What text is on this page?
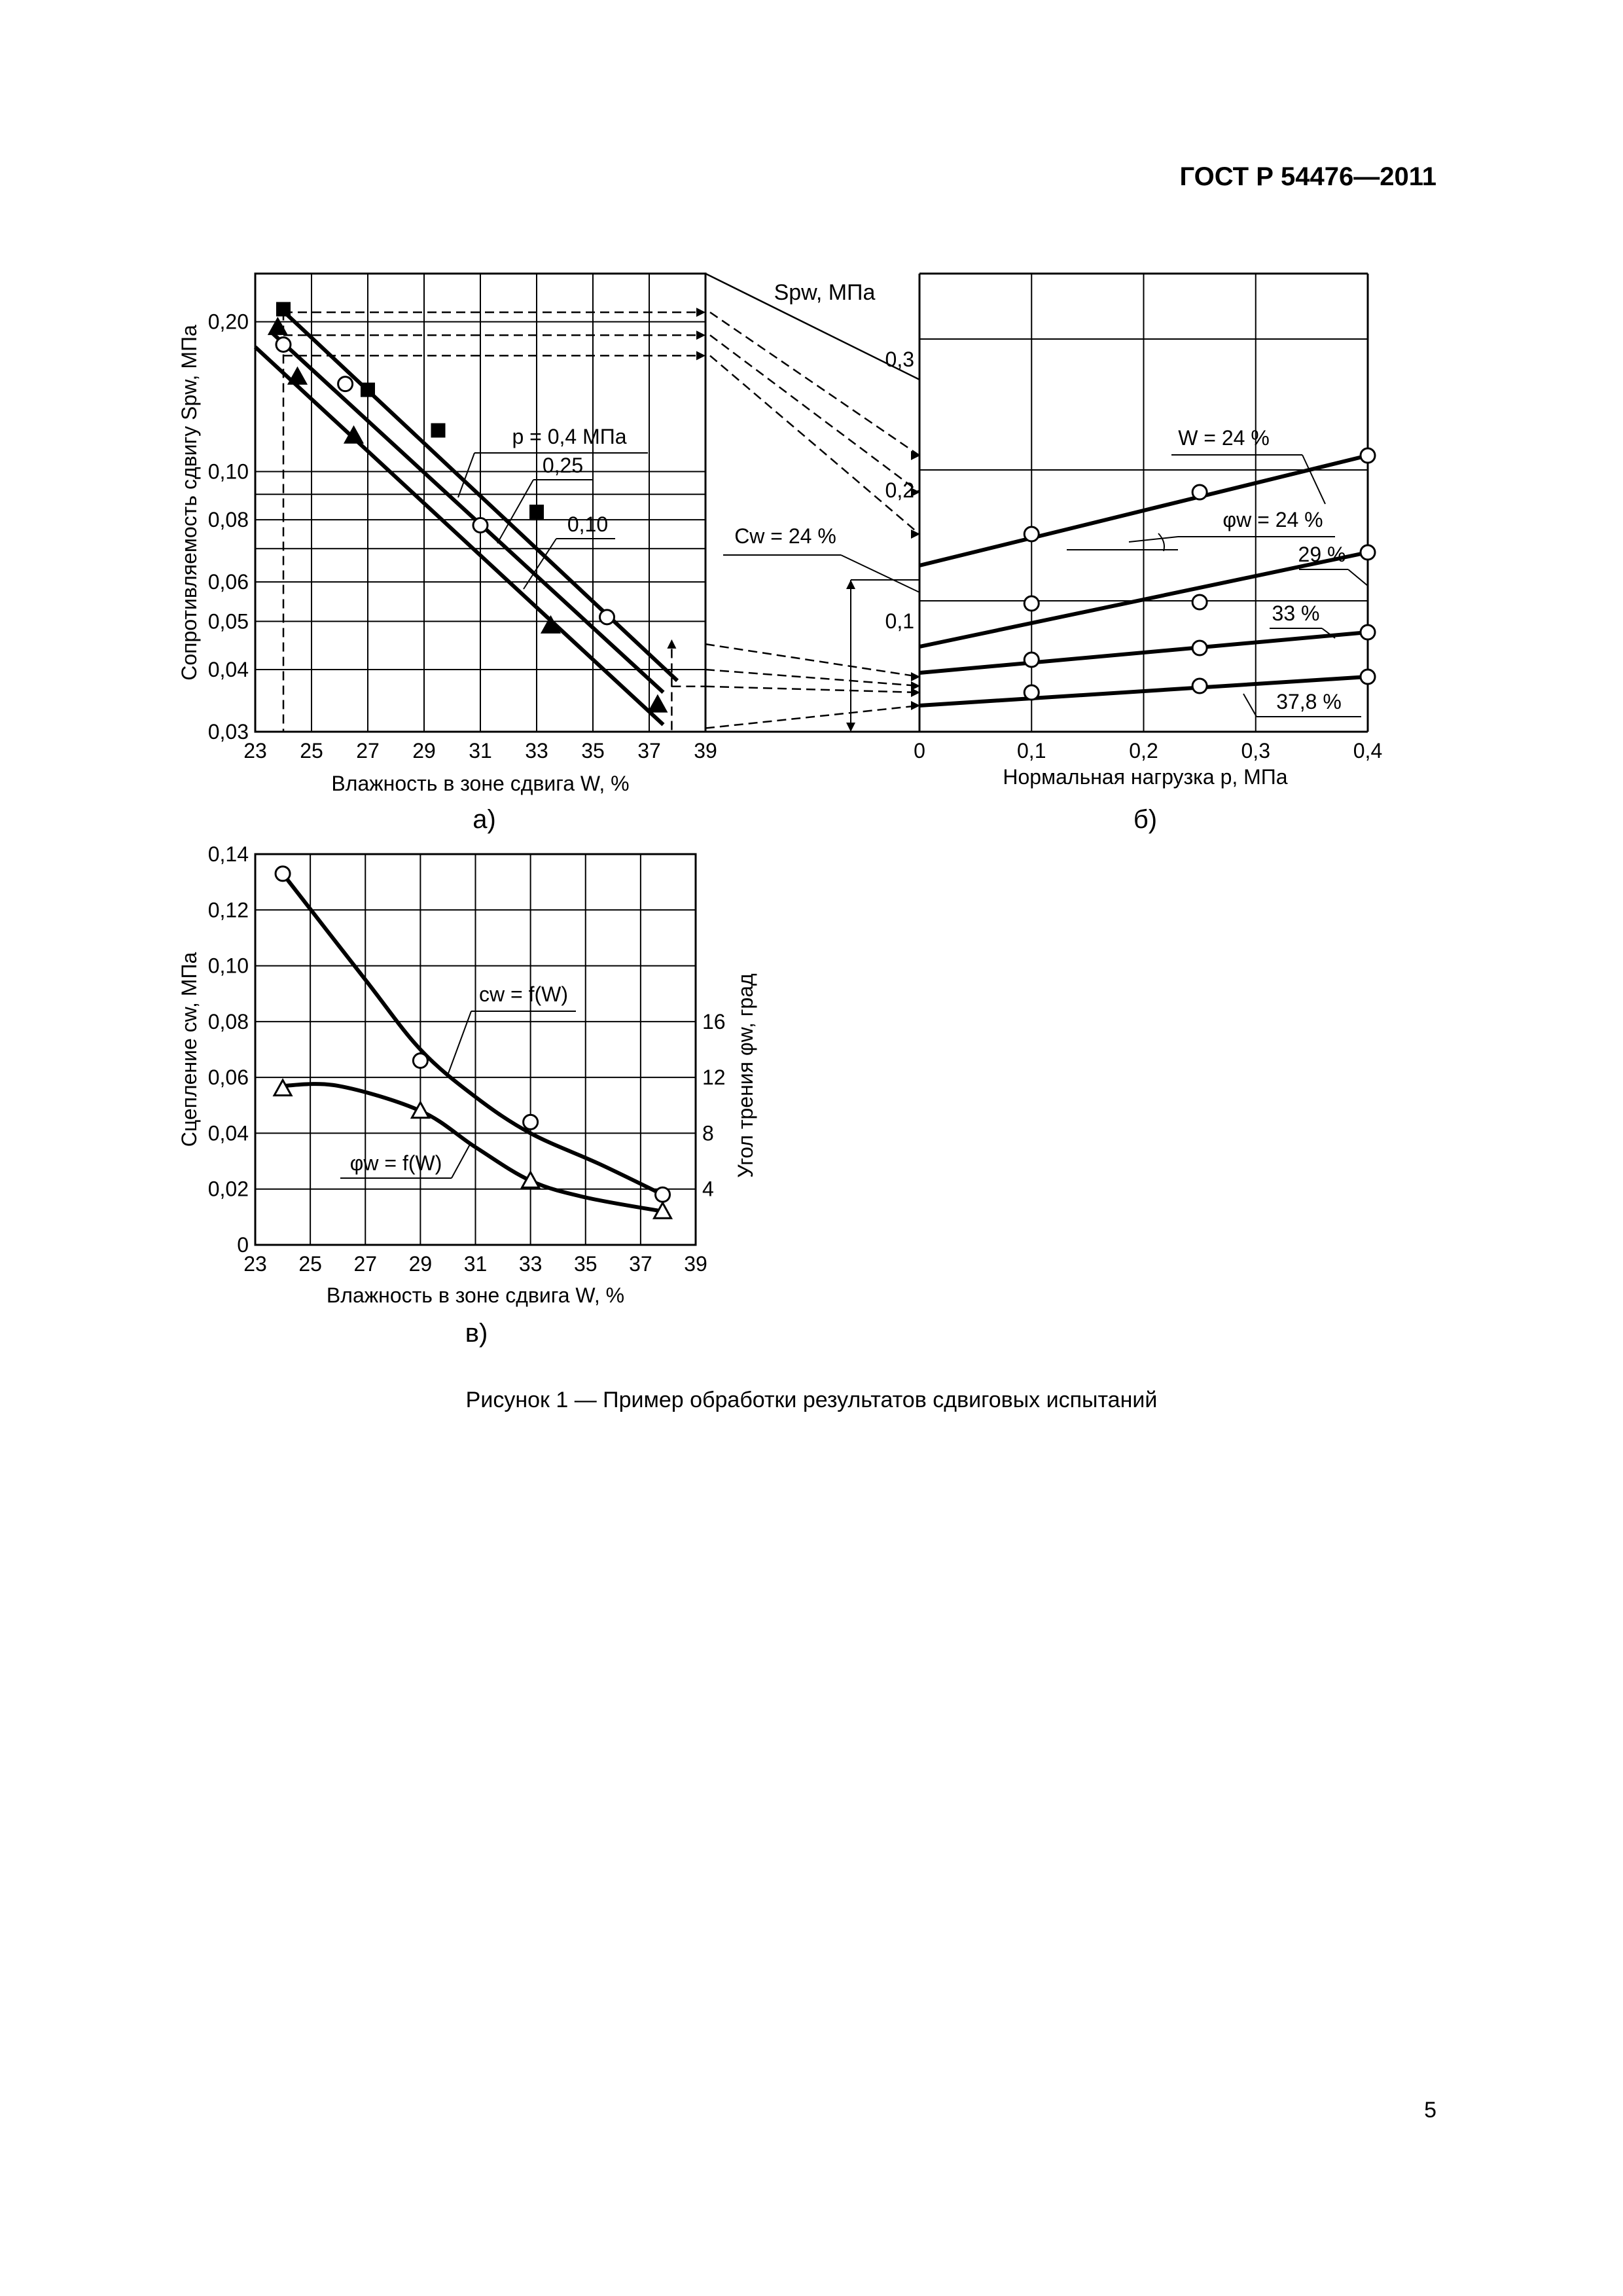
ГОСТ Р 54476—2011
23 25 27 29 31 33 35 37 39
0,03
0,04
0,05
0,06
0,08
0,10
0,20
Влажность в зоне сдвига W, %
Сопротивляемость сдвигу Spw, МПа
а)
p = 0,4 МПа
0,25
0,10
0	0,1	0,2	0,3	0,4
0,1
0,2
0,3
Spw, МПа
Нормальная нагрузка p, МПа
б)
W = 24 %
29 %
33 %
37,8 %
Cw = 24 %
φw = 24 %
23 25 27 29 31 33 35 37 39
0
0,02
0,04
0,06
0,08
0,10
0,12
0,14
4
8
12
16
Влажность в зоне сдвига W, %
Сцепление cw, МПа	Угол трения φw, град
в)
cw = f(W)
φw = f(W)
Рисунок 1 — Пример обработки результатов сдвиговых испытаний
5
